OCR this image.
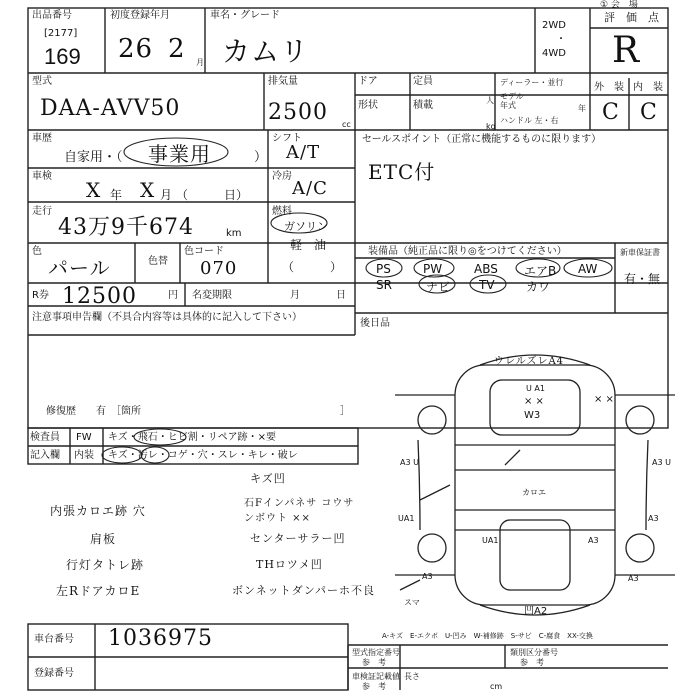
出品番号
[2177]
169
初度登録年月
26 2 月
車名・グレード
カムリ
2WD
・
4WD
① 会　場
評　価　点
R
外　装 内　装
C C
型式
DAA-AVV50
排気量
2500 cc
ドア	定員
人
形状	積載
kg
ディーラー・並行
モデル
年式	年
ハンドル 左・右
車歴
自家用・（ 事業用	）
シフト
A/T
セールスポイント（正常に機能するものに限ります）
ETC付
車検
X 年 X 月 （　　　日）
冷房
A/C
走行
43万9千674	km
燃料
ガソリン
軽　油
（　　　）
色
パール	色替
色コード
070
装備品（純正品に限り◎をつけてください）
PS	PW	ABS エアB AW
SR	ナビ TV	カワ
新車保証書
有・無
R券 12500	円 名変期限	月	日
注意事項申告欄（不具合内容等は具体的に記入して下さい）
修復歴　　有　［箇所	］
後日品
検査員 FW キズ・飛石・ヒビ割・リペア跡・×要
記入欄 内装 キズ・汚レ・コゲ・穴・スレ・キレ・破レ
キズ凹
内張カロエ跡 穴
石Fインパネサ コウサンボウト ××
肩板	センターサラー凹
行灯タトレ跡	THロツメ凹
左RドアカロE	ボンネットダンパーホ不良
ウレルズレA4
U A1
× ×
W3
× ×
A3 U	A3 U
カロエ
UA1	A3
A3
UA1
A3	A3
スマ
凹A2
車台番号 1036975
登録番号
A-キズ　E-エクボ　U-凹み　W-補修跡　S-サビ　C-腐食　XX-交換
型式指定番号
参　考
類別区分番号
参　考
車検証記載値
参　考
長さ
cm
